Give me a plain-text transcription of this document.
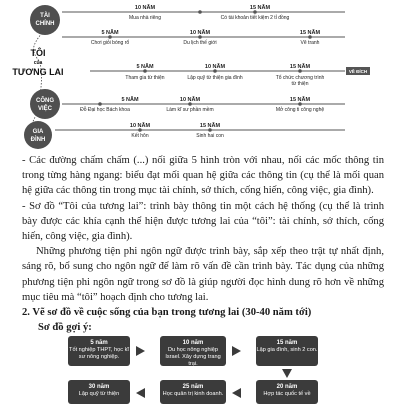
TÀI
CHÍNH
CÔNG
VIỆC
GIA
ĐÌNH
TÔI
của
TƯƠNG LAI
10 NĂM
Mua nhà riêng
15 NĂM
Có tài khoản tiết kiệm 2 tỉ đồng
5 NĂM
Chơi giỏi bóng rổ
10 NĂM
Du lịch thế giới
15 NĂM
Vẽ tranh
VỀ ĐÍCH
5 NĂM
Tham gia từ thiện
10 NĂM
Lập quỹ từ thiện gia đình
15 NĂM
Tổ chức chương trình
từ thiện
5 NĂM
Đỗ Đại học Bách khoa
10 NĂM
Làm kĩ sư phần mềm
15 NĂM
Mở công ti công nghệ
10 NĂM
Kết hôn
15 NĂM
Sinh hai con

- Các đường chấm chấm (...) nối giữa 5 hình tròn với nhau, nối các mốc thông tin trong từng hàng ngang: biểu đạt mối quan hệ giữa các thông tin (cụ thể là mối quan hệ giữa các thông tin trong mục tài chính, sở thích, cống hiến, công việc, gia đình).

- Sơ đồ “Tôi của tương lai”: trình bày thông tin một cách hệ thống (cụ thể là trình bày được các khía cạnh thể hiện được tương lai của “tôi”: tài chính, sở thích, cống hiến, công việc, gia đình).

Những phương tiện phi ngôn ngữ được trình bày, sắp xếp theo trật tự nhất định, sáng rõ, bổ sung cho ngôn ngữ để làm rõ vấn đề cần trình bày. Tác dụng của những phương tiện phi ngôn ngữ trong sơ đồ là giúp người đọc hình dung rõ hơn về những mục tiêu mà “tôi” hoạch định cho tương lai.

2. Vẽ sơ đồ về cuộc sống của bạn trong tương lai (30-40 năm tới)

Sơ đồ gợi ý:

5 năm
Tốt nghiệp THPT, học kĩ sư nông nghiệp.
10 năm
Du học nông nghiệp Israel. Xây dựng trang trại.
15 năm
Lập gia đình, sinh 2 con.
30 năm
Lập quỹ từ thiện
25 năm
Học quản trị kinh doanh.
20 năm
Hợp tác quốc tế về
